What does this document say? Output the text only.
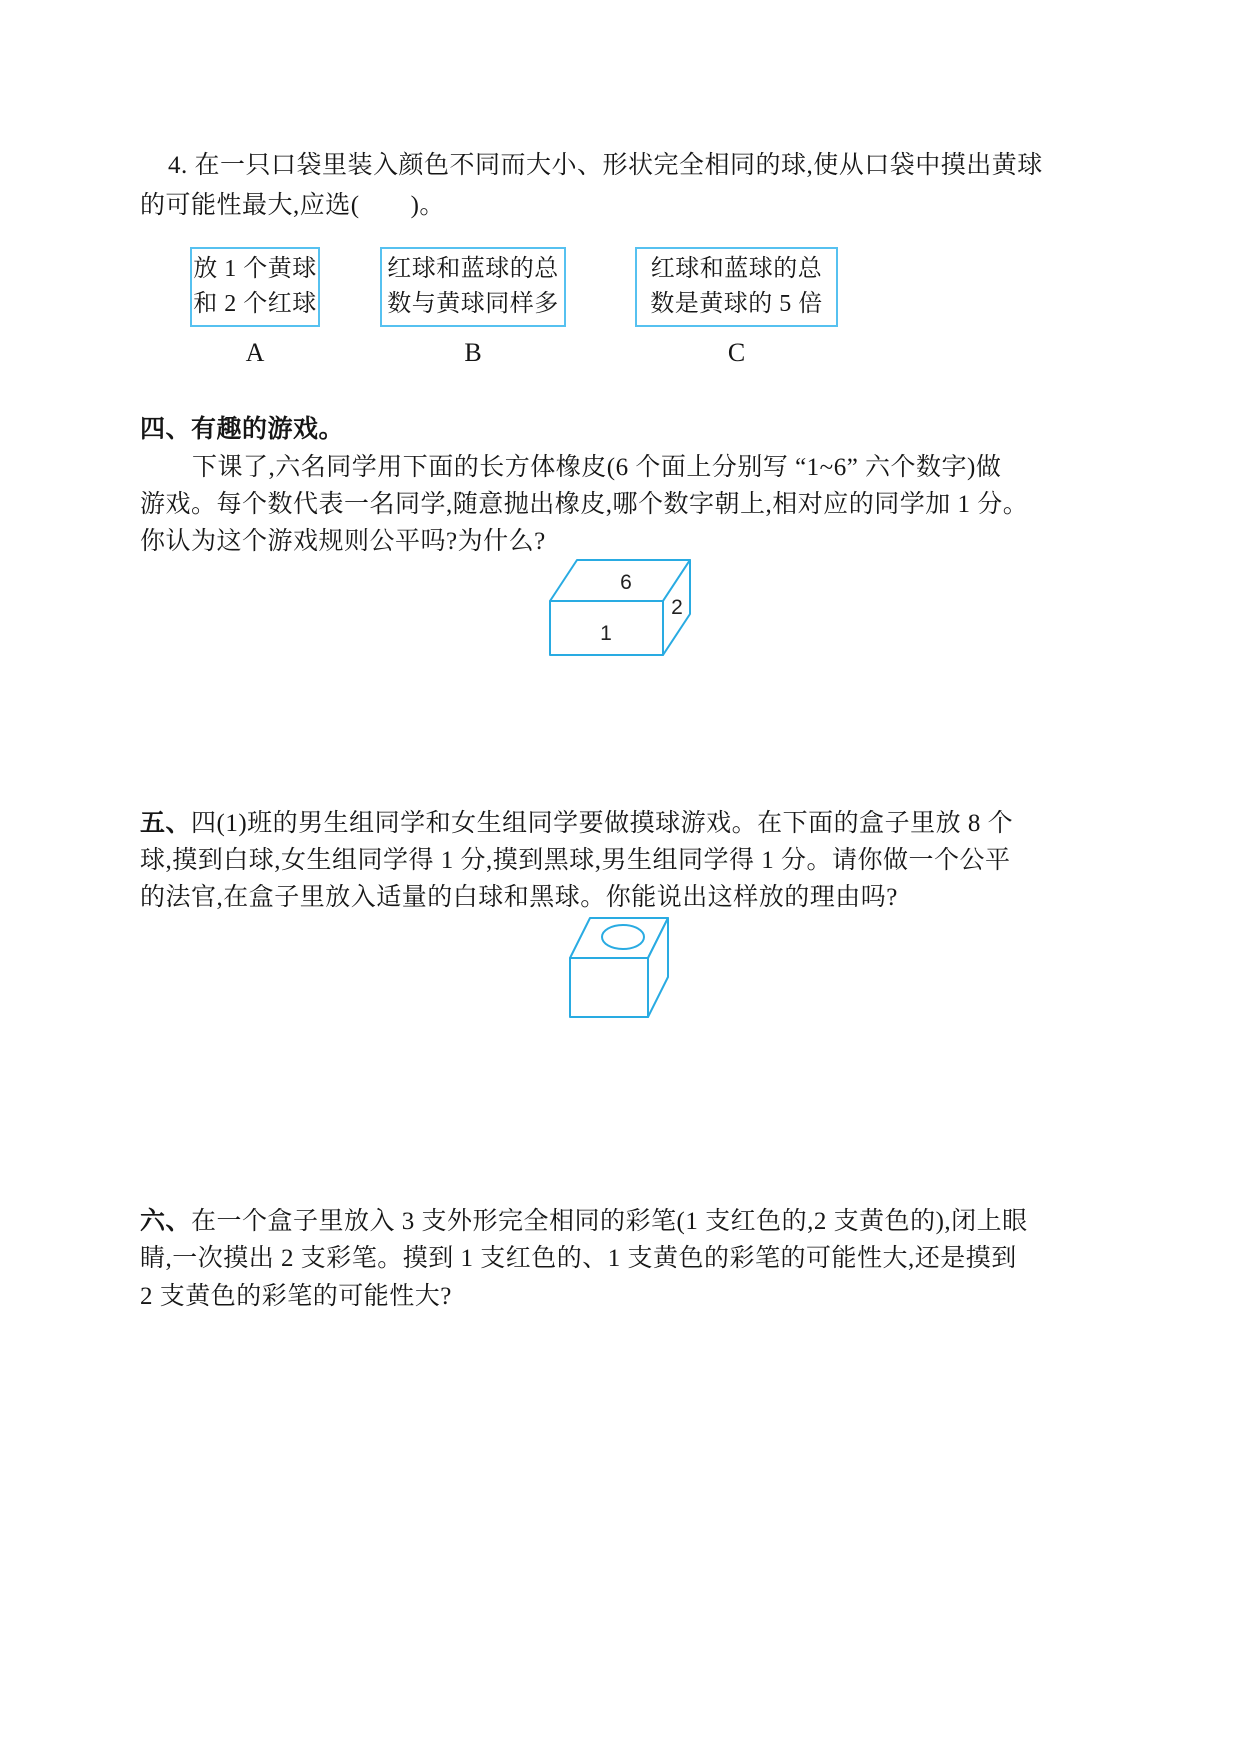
4. 在一只口袋里装入颜色不同而大小、形状完全相同的球,使从口袋中摸出黄球
的可能性最大,应选(　　)。
放 1 个黄球
和 2 个红球
红球和蓝球的总
数与黄球同样多
红球和蓝球的总
数是黄球的 5 倍
A	B	C
四、有趣的游戏。
下课了,六名同学用下面的长方体橡皮(6 个面上分别写 “1~6” 六个数字)做
游戏。每个数代表一名同学,随意抛出橡皮,哪个数字朝上,相对应的同学加 1 分。
你认为这个游戏规则公平吗?为什么?
6
1
2
五、四(1)班的男生组同学和女生组同学要做摸球游戏。在下面的盒子里放 8 个
球,摸到白球,女生组同学得 1 分,摸到黑球,男生组同学得 1 分。请你做一个公平
的法官,在盒子里放入适量的白球和黑球。你能说出这样放的理由吗?
六、在一个盒子里放入 3 支外形完全相同的彩笔(1 支红色的,2 支黄色的),闭上眼
睛,一次摸出 2 支彩笔。摸到 1 支红色的、1 支黄色的彩笔的可能性大,还是摸到
2 支黄色的彩笔的可能性大?
